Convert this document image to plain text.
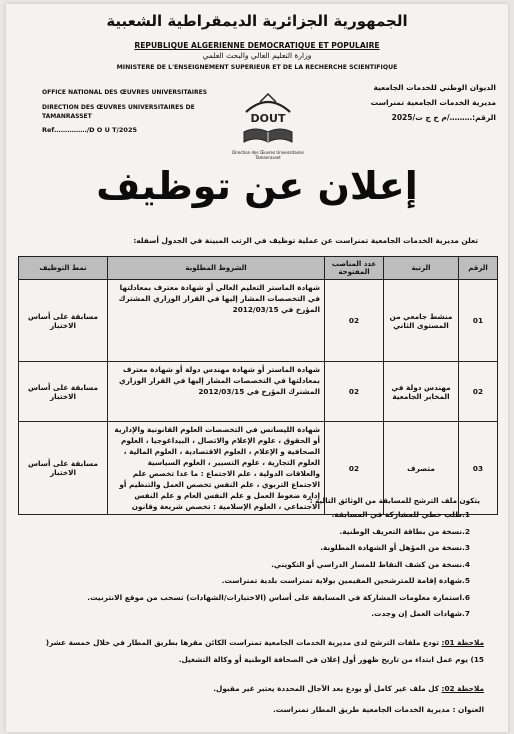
الجمهورية الجزائرية الديمقراطية الشعبية
REPUBLIQUE ALGERIENNE DEMOCRATIQUE ET POPULAIRE
وزارة التعليم العالي والبحث العلمي
MINISTERE DE L'ENSEIGNEMENT SUPERIEUR ET DE LA RECHERCHE SCIENTIFIQUE
OFFICE NATIONAL DES ŒUVRES UNIVERSITAIRES
DIRECTION DES ŒUVRES UNIVERSITAIRES DE TAMANRASSET
Ref……………/D O U T/2025
الديوان الوطني للخدمات الجامعية
مديرية الخدمات الجامعية تمنراست
الرقم:………/م خ ج ت/2025
DOUT
Direction des Œuvres Universitaires Tamanrasset
إعلان عن توظيف
تعلن مديرية الخدمات الجامعية تمنراست عن عملية توظيف في الرتب المبينة في الجدول أسفله:
الرقم	الرتبة	عدد المناصب المفتوحة	الشروط المطلوبة	نمط التوظيف
01	منشط جامعي من المستوى الثاني	02	شهادة الماستر التعليم العالي أو شهادة معترف بمعادلتها في التخصصات المشار إليها في القرار الوزاري المشترك المؤرخ في 2012/03/15	مسابقة على أساس الاختبار
02	مهندس دولة في المخابر الجامعية	02	شهادة الماستر أو شهادة مهندس دولة أو شهادة معترف بمعادلتها في التخصصات المشار إليها في القرار الوزاري المشترك المؤرخ في 2012/03/15	مسابقة على أساس الاختبار
03	متصرف	02	شهادة الليسانس في التخصصات العلوم القانونية والإدارية أو الحقوق ، علوم الإعلام والاتصال ، البيداغوجيا ، العلوم الصحافية و الإعلام ، العلوم الاقتصادية ، العلوم المالية ، العلوم التجارية ، علوم التسيير ، العلوم السياسية والعلاقات الدولية ، علم الاجتماع : ما عدا تخصص علم الاجتماع التربوي ، علم النفس تخصص العمل والتنظيم أو إدارة ضغوط العمل و علم النفس العام و علم النفس الاجتماعي ، العلوم الإسلامية : تخصص شريعة وقانون	مسابقة على أساس الاختبار
يتكون ملف الترشح للمسابقة من الوثائق التالية :
1.طلب خطي للمشاركة في المسابقة.
2.نسخة من بطاقة التعريف الوطنية.
3.نسخة من المؤهل أو الشهادة المطلوبة.
4.نسخة من كشف النقاط للمسار الدراسي أو التكويني.
5.شهادة إقامة للمترشحين المقيمين بولاية تمنراست بلدية تمنراست.
6.استمارة معلومات المشاركة في المسابقة على أساس (الاختبارات/الشهادات) تسحب من موقع الانترنيت.
7.شهادات العمل إن وجدت.
ملاحظة 01: تودع ملفات الترشح لدى مديرية الخدمات الجامعية تمنراست الكائن مقرها بطريق المطار في خلال خمسة عشر( 15) يوم عمل ابتداء من تاريخ ظهور أول إعلان في الصحافة الوطنية أو وكالة التشغيل.
ملاحظة 02: كل ملف غير كامل أو يودع بعد الآجال المحددة يعتبر غير مقبول.
العنوان : مديرية الخدمات الجامعية طريق المطار تمنراست.
